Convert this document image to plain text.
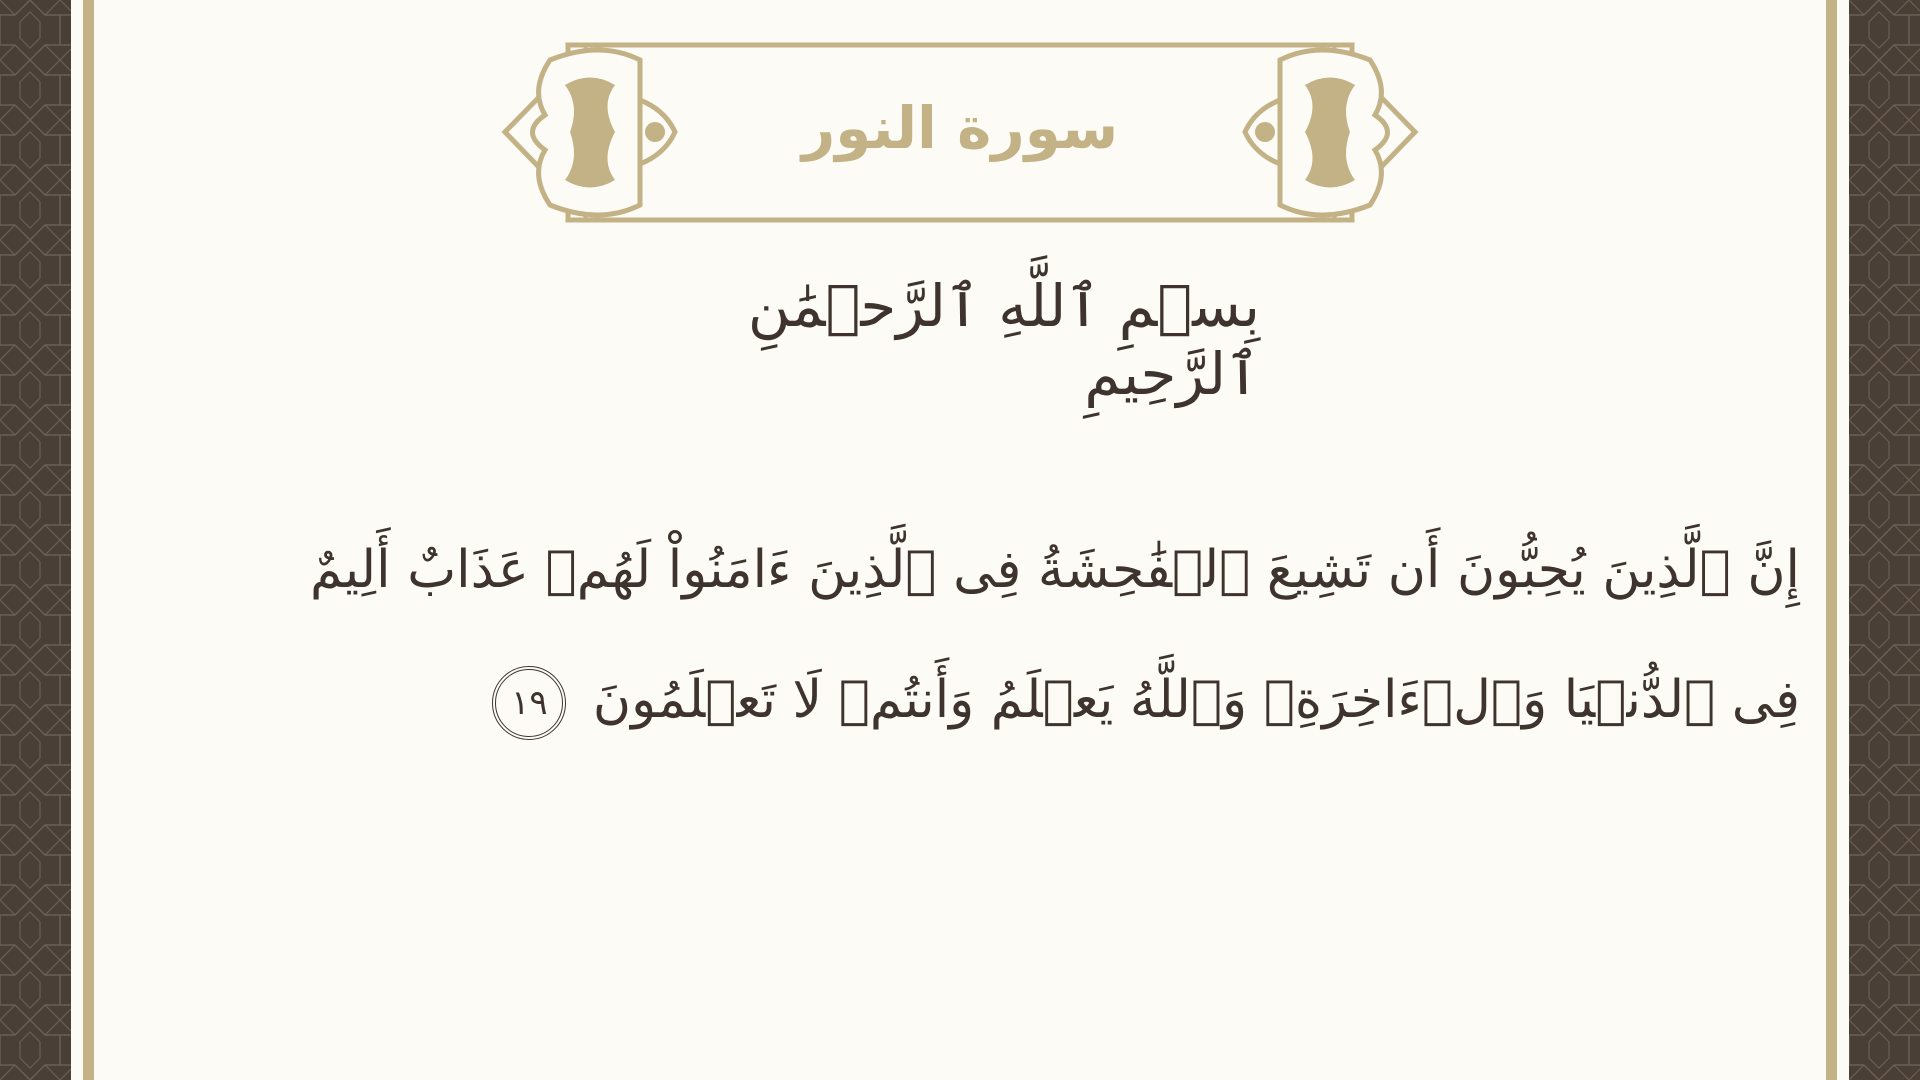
سورة النور
بِسۡمِ ٱللَّهِ ٱلرَّحۡمَٰنِ ٱلرَّحِيمِ
إِنَّ ٱلَّذِينَ يُحِبُّونَ أَن تَشِيعَ ٱلۡفَٰحِشَةُ فِى ٱلَّذِينَ ءَامَنُواْ لَهُمۡ عَذَابٌ أَلِيمٌ فِى ٱلدُّنۡيَا وَٱلۡءَاخِرَةِۚ وَٱللَّهُ يَعۡلَمُ وَأَنتُمۡ لَا تَعۡلَمُونَ ١٩
